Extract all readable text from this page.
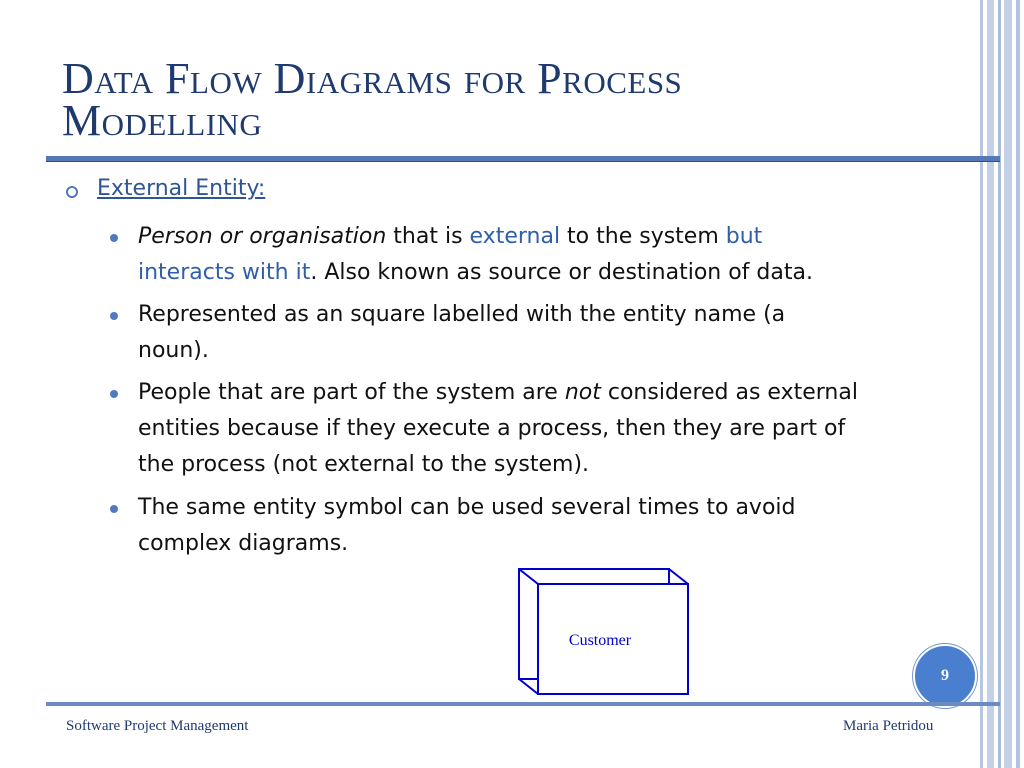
Data Flow Diagrams for Process
Modelling
External Entity:
Person or organisation that is external to the system but
interacts with it. Also known as source or destination of data.
Represented as an square labelled with the entity name (a noun).
People that are part of the system are not considered as external entities because if they execute a process, then they are part of the process (not external to the system).
The same entity symbol can be used several times to avoid complex diagrams.
Customer
9
Software Project Management	Maria Petridou
